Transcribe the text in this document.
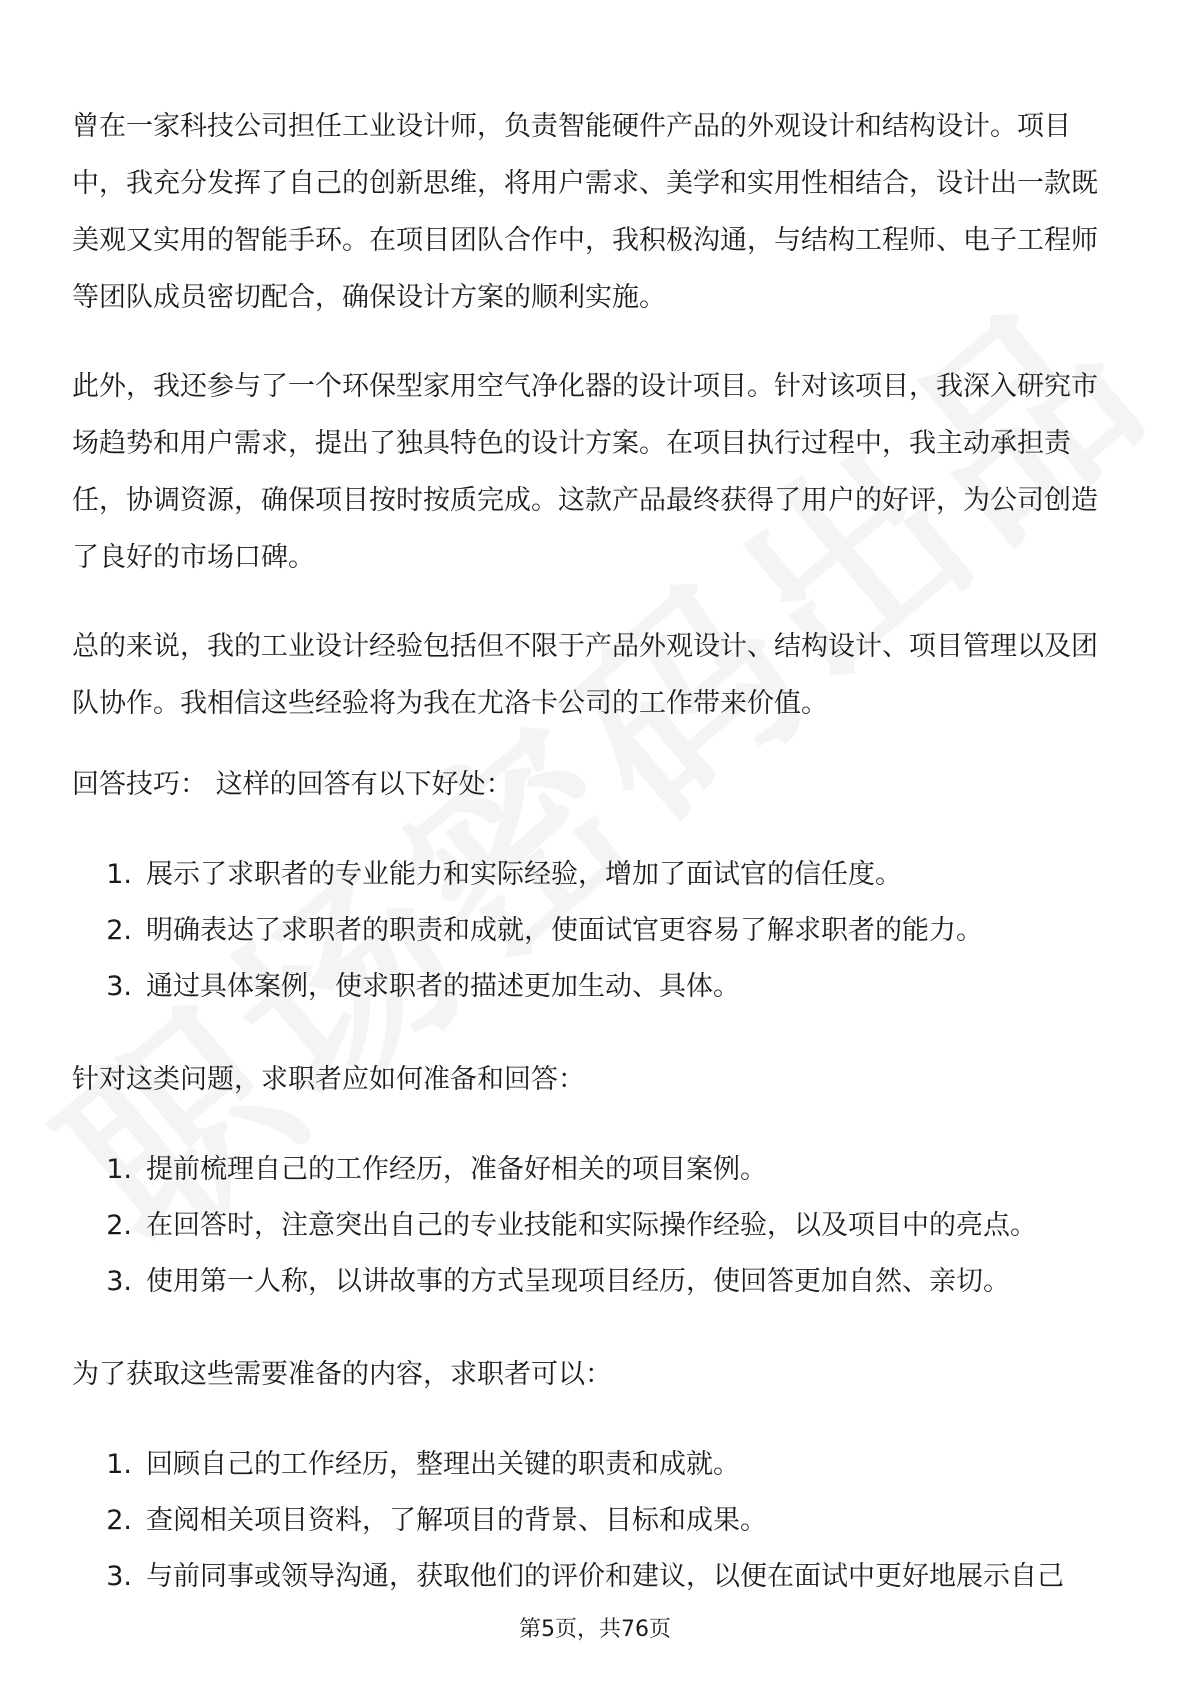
曾在一家科技公司担任工业设计师，负责智能硬件产品的外观设计和结构设计。项目中，我充分发挥了自己的创新思维，将用户需求、美学和实用性相结合，设计出一款既美观又实用的智能手环。在项目团队合作中，我积极沟通，与结构工程师、电子工程师等团队成员密切配合，确保设计方案的顺利实施。

此外，我还参与了一个环保型家用空气净化器的设计项目。针对该项目，我深入研究市场趋势和用户需求，提出了独具特色的设计方案。在项目执行过程中，我主动承担责任，协调资源，确保项目按时按质完成。这款产品最终获得了用户的好评，为公司创造了良好的市场口碑。

总的来说，我的工业设计经验包括但不限于产品外观设计、结构设计、项目管理以及团队协作。我相信这些经验将为我在尤洛卡公司的工作带来价值。

回答技巧： 这样的回答有以下好处：

1. 展示了求职者的专业能力和实际经验，增加了面试官的信任度。
2. 明确表达了求职者的职责和成就，使面试官更容易了解求职者的能力。
3. 通过具体案例，使求职者的描述更加生动、具体。

针对这类问题，求职者应如何准备和回答：

1. 提前梳理自己的工作经历，准备好相关的项目案例。
2. 在回答时，注意突出自己的专业技能和实际操作经验，以及项目中的亮点。
3. 使用第一人称，以讲故事的方式呈现项目经历，使回答更加自然、亲切。

为了获取这些需要准备的内容，求职者可以：

1. 回顾自己的工作经历，整理出关键的职责和成就。
2. 查阅相关项目资料，了解项目的背景、目标和成果。
3. 与前同事或领导沟通，获取他们的评价和建议，以便在面试中更好地展示自己
第5页，共76页
